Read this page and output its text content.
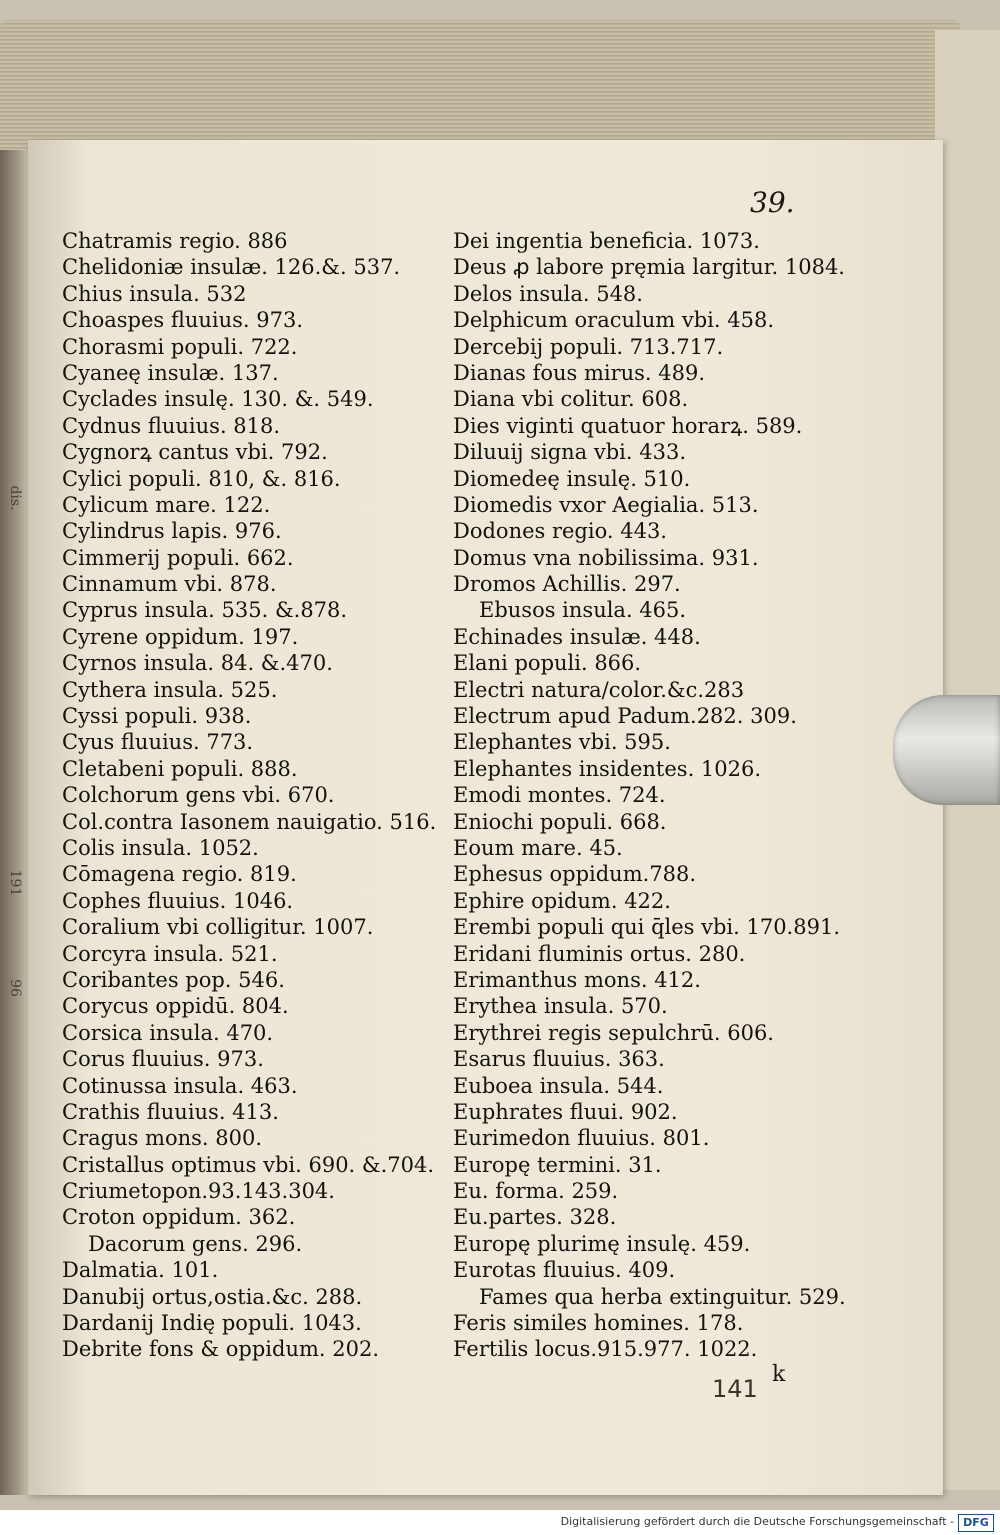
dis.
191
96
39.
Chatramis regio. 886
Chelidoniæ insulæ. 126.&. 537.
Chius insula. 532
Choaspes fluuius. 973.
Chorasmi populi. 722.
Cyaneę insulæ. 137.
Cyclades insulę. 130. &. 549.
Cydnus fluuius. 818.
Cygnorꝝ cantus vbi. 792.
Cylici populi. 810, &. 816.
Cylicum mare. 122.
Cylindrus lapis. 976.
Cimmerij populi. 662.
Cinnamum vbi. 878.
Cyprus insula. 535. &.878.
Cyrene oppidum. 197.
Cyrnos insula. 84. &.470.
Cythera insula. 525.
Cyssi populi. 938.
Cyus fluuius. 773.
Cletabeni populi. 888.
Colchorum gens vbi. 670.
Col.contra Iasonem nauigatio. 516.
Colis insula. 1052.
Cōmagena regio. 819.
Cophes fluuius. 1046.
Coralium vbi colligitur. 1007.
Corcyra insula. 521.
Coribantes pop. 546.
Corycus oppidū. 804.
Corsica insula. 470.
Corus fluuius. 973.
Cotinussa insula. 463.
Crathis fluuius. 413.
Cragus mons. 800.
Cristallus optimus vbi. 690. &.704.
Criumetopon.93.143.304.
Croton oppidum. 362.
Dacorum gens. 296.
Dalmatia. 101.
Danubij ortus,ostia.&c. 288.
Dardanij Indię populi. 1043.
Debrite fons & oppidum. 202.
Dei ingentia beneficia. 1073.
Deus ꝓ labore pręmia largitur. 1084.
Delos insula. 548.
Delphicum oraculum vbi. 458.
Dercebij populi. 713.717.
Dianas fous mirus. 489.
Diana vbi colitur. 608.
Dies viginti quatuor horarꝝ. 589.
Diluuij signa vbi. 433.
Diomedeę insulę. 510.
Diomedis vxor Aegialia. 513.
Dodones regio. 443.
Domus vna nobilissima. 931.
Dromos Achillis. 297.
Ebusos insula. 465.
Echinades insulæ. 448.
Elani populi. 866.
Electri natura/color.&c.283
Electrum apud Padum.282. 309.
Elephantes vbi. 595.
Elephantes insidentes. 1026.
Emodi montes. 724.
Eniochi populi. 668.
Eoum mare. 45.
Ephesus oppidum.788.
Ephire opidum. 422.
Erembi populi qui q̄les vbi. 170.891.
Eridani fluminis ortus. 280.
Erimanthus mons. 412.
Erythea insula. 570.
Erythrei regis sepulchrū. 606.
Esarus fluuius. 363.
Euboea insula. 544.
Euphrates fluui. 902.
Eurimedon fluuius. 801.
Europę termini. 31.
Eu. forma. 259.
Eu.partes. 328.
Europę plurimę insulę. 459.
Eurotas fluuius. 409.
Fames qua herba extinguitur. 529.
Feris similes homines. 178.
Fertilis locus.915.977. 1022.
141
k
Digitalisierung gefördert durch die Deutsche Forschungsgemeinschaft - DFG
